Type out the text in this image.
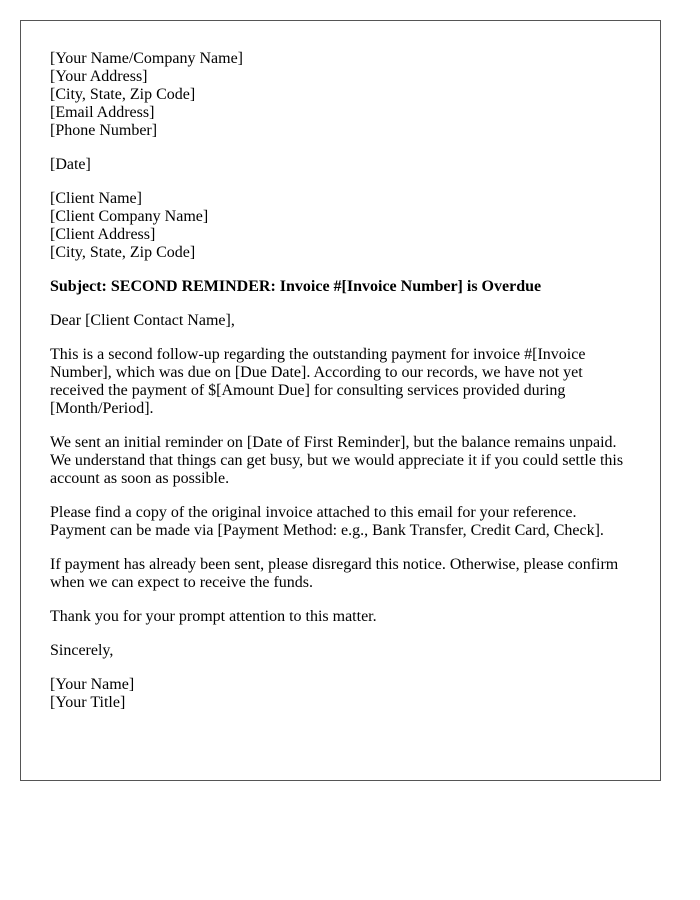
[Your Name/Company Name]
[Your Address]
[City, State, Zip Code]
[Email Address]
[Phone Number]
[Date]
[Client Name]
[Client Company Name]
[Client Address]
[City, State, Zip Code]
Subject: SECOND REMINDER: Invoice #[Invoice Number] is Overdue
Dear [Client Contact Name],
This is a second follow-up regarding the outstanding payment for invoice #[Invoice
Number], which was due on [Due Date]. According to our records, we have not yet
received the payment of $[Amount Due] for consulting services provided during
[Month/Period].
We sent an initial reminder on [Date of First Reminder], but the balance remains unpaid.
We understand that things can get busy, but we would appreciate it if you could settle this
account as soon as possible.
Please find a copy of the original invoice attached to this email for your reference.
Payment can be made via [Payment Method: e.g., Bank Transfer, Credit Card, Check].
If payment has already been sent, please disregard this notice. Otherwise, please confirm
when we can expect to receive the funds.
Thank you for your prompt attention to this matter.
Sincerely,
[Your Name]
[Your Title]
